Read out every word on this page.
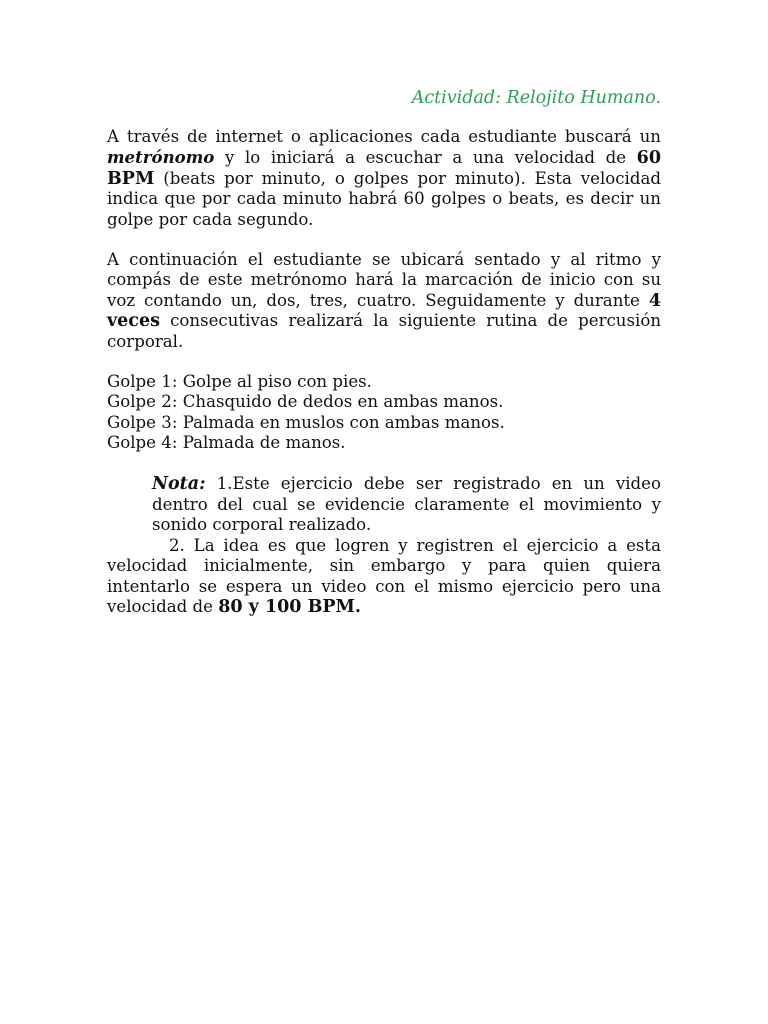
Actividad: Relojito Humano.

A través de internet o aplicaciones cada estudiante buscará un metrónomo y lo iniciará a escuchar a una velocidad de 60 BPM (beats por minuto, o golpes por minuto). Esta velocidad indica que por cada minuto habrá 60 golpes o beats, es decir un golpe por cada segundo.

A continuación el estudiante se ubicará sentado y al ritmo y compás de este metrónomo hará la marcación de inicio con su voz contando un, dos, tres, cuatro. Seguidamente y durante 4 veces consecutivas realizará la siguiente rutina de percusión corporal.

Golpe 1: Golpe al piso con pies.
Golpe 2: Chasquido de dedos en ambas manos.
Golpe 3: Palmada en muslos con ambas manos.
Golpe 4: Palmada de manos.
Nota: 1.Este ejercicio debe ser registrado en un video dentro del cual se evidencie claramente el movimiento y sonido corporal realizado.
2. La idea es que logren y registren el ejercicio a esta velocidad inicialmente, sin embargo y para quien quiera intentarlo se espera un video con el mismo ejercicio pero una velocidad de 80 y 100 BPM.
